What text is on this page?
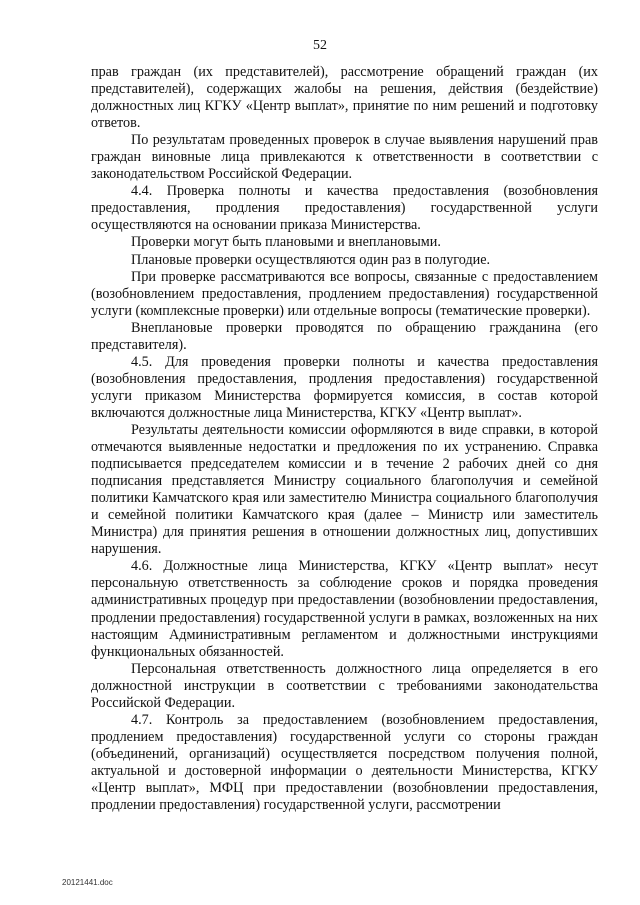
52

прав граждан (их представителей), рассмотрение обращений граждан (их представителей), содержащих жалобы на решения, действия (бездействие) должностных лиц КГКУ «Центр выплат», принятие по ним решений и подготовку ответов.

По результатам проведенных проверок в случае выявления нарушений прав граждан виновные лица привлекаются к ответственности в соответствии с законодательством Российской Федерации.

4.4. Проверка полноты и качества предоставления (возобновления предоставления, продления предоставления) государственной услуги осуществляются на основании приказа Министерства.

Проверки могут быть плановыми и внеплановыми.

Плановые проверки осуществляются один раз в полугодие.

При проверке рассматриваются все вопросы, связанные с предоставлением (возобновлением предоставления, продлением предоставления) государственной услуги (комплексные проверки) или отдельные вопросы (тематические проверки).

Внеплановые проверки проводятся по обращению гражданина (его представителя).

4.5. Для проведения проверки полноты и качества предоставления (возобновления предоставления, продления предоставления) государственной услуги приказом Министерства формируется комиссия, в состав которой включаются должностные лица Министерства, КГКУ «Центр выплат».

Результаты деятельности комиссии оформляются в виде справки, в которой отмечаются выявленные недостатки и предложения по их устранению. Справка подписывается председателем комиссии и в течение 2 рабочих дней со дня подписания представляется Министру социального благополучия и семейной политики Камчатского края или заместителю Министра социального благополучия и семейной политики Камчатского края (далее – Министр или заместитель Министра) для принятия решения в отношении должностных лиц, допустивших нарушения.

4.6. Должностные лица Министерства, КГКУ «Центр выплат» несут персональную ответственность за соблюдение сроков и порядка проведения административных процедур при предоставлении (возобновлении предоставления, продлении предоставления) государственной услуги в рамках, возложенных на них настоящим Административным регламентом и должностными инструкциями функциональных обязанностей.

Персональная ответственность должностного лица определяется в его должностной инструкции в соответствии с требованиями законодательства Российской Федерации.

4.7. Контроль за предоставлением (возобновлением предоставления, продлением предоставления) государственной услуги со стороны граждан (объединений, организаций) осуществляется посредством получения полной, актуальной и достоверной информации о деятельности Министерства, КГКУ «Центр выплат», МФЦ при предоставлении (возобновлении предоставления, продлении предоставления) государственной услуги, рассмотрении

20121441.doc
